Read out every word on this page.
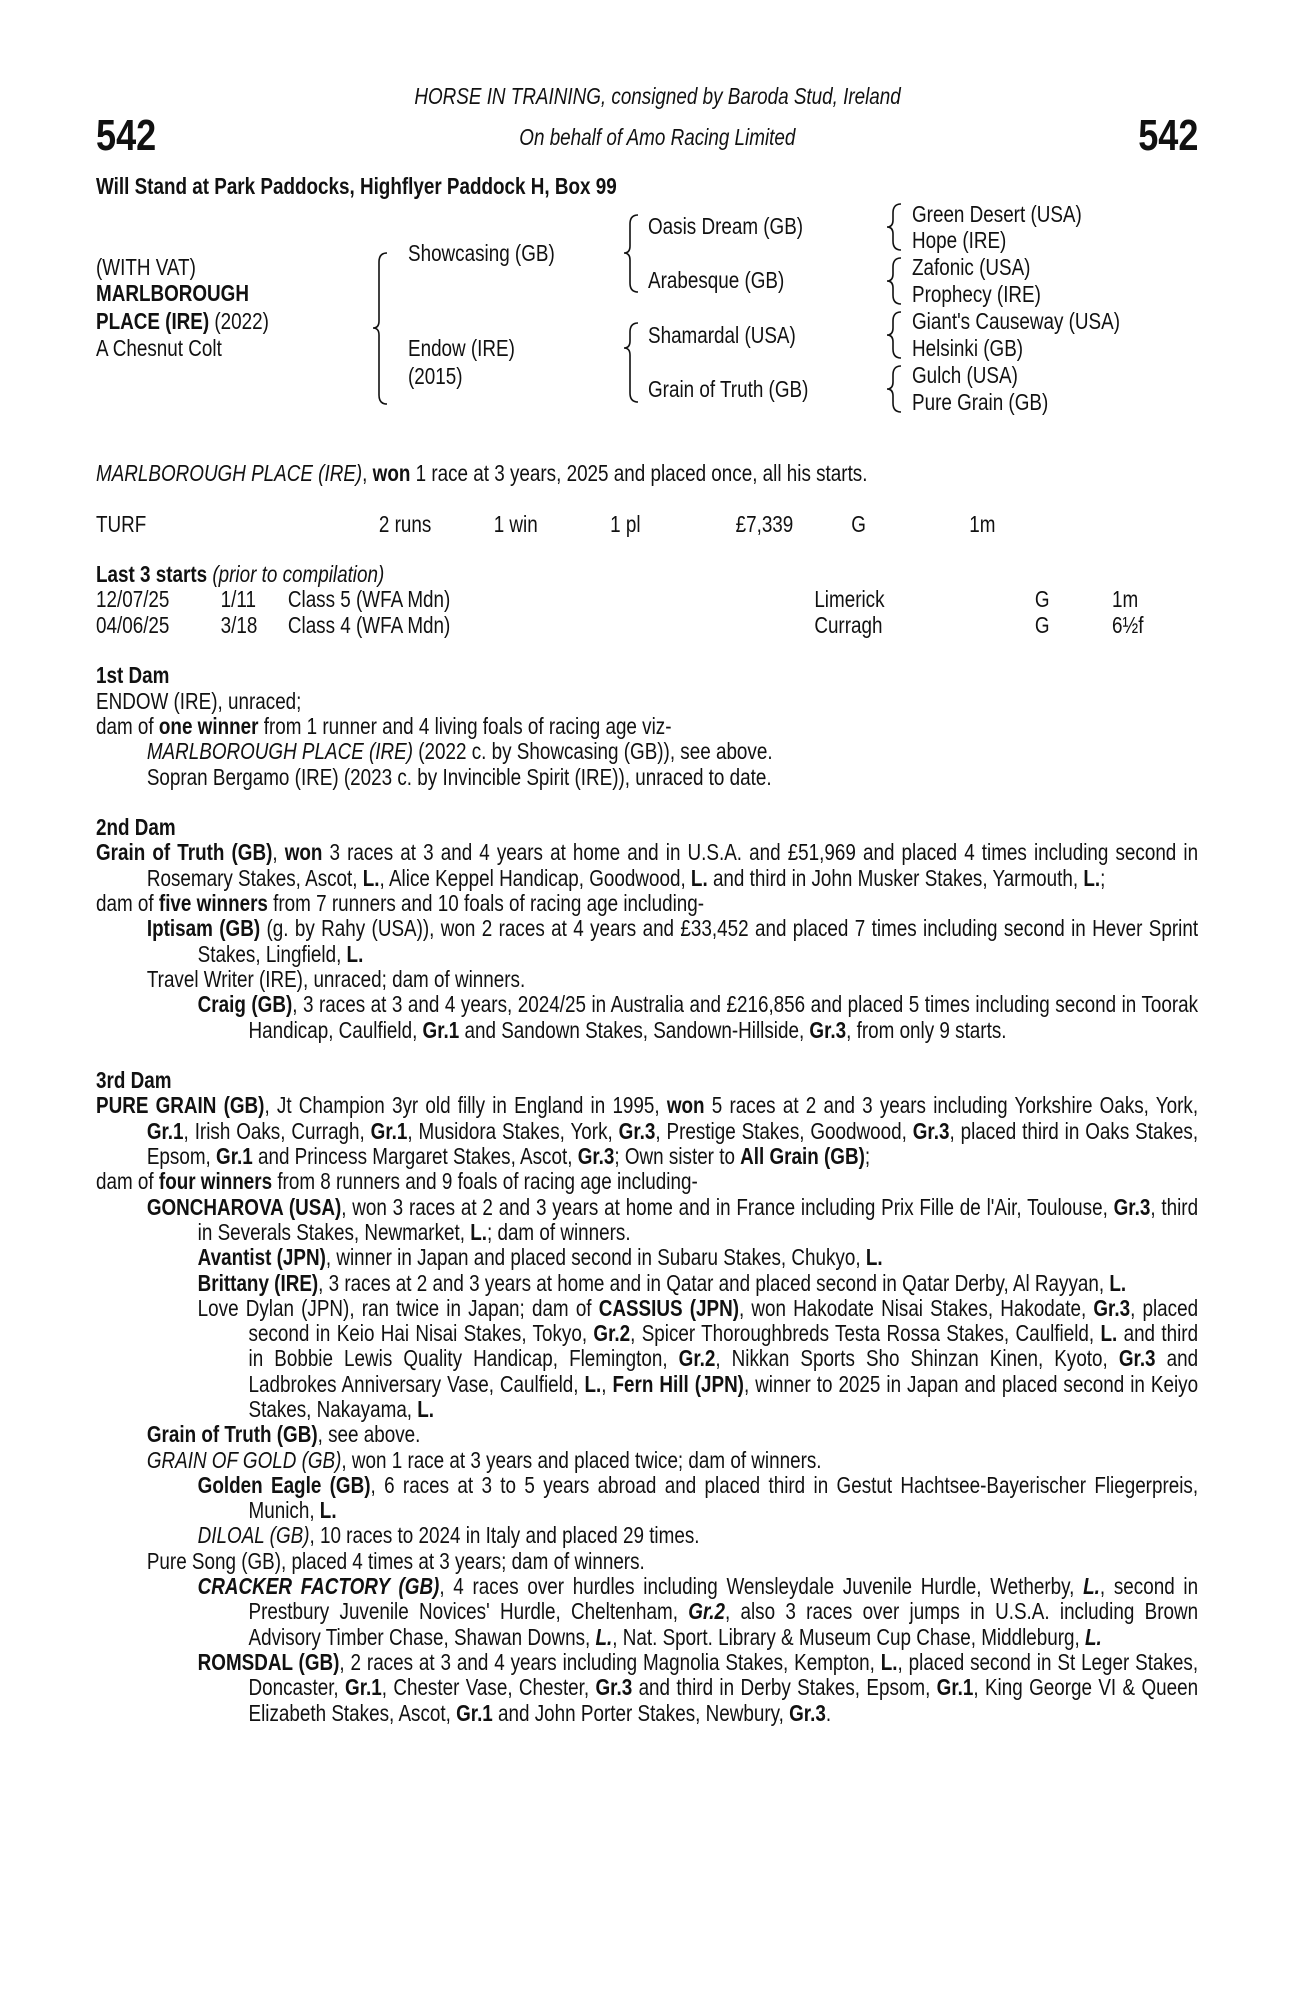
HORSE IN TRAINING, consigned by Baroda Stud, Ireland
On behalf of Amo Racing Limited
542	542
Will Stand at Park Paddocks, Highflyer Paddock H, Box 99
(WITH VAT)
MARLBOROUGH
PLACE (IRE) (2022)
A Chesnut Colt
Showcasing (GB)
Endow (IRE)
(2015)
Oasis Dream (GB)
Arabesque (GB)
Shamardal (USA)
Grain of Truth (GB)
Green Desert (USA)
Hope (IRE)
Zafonic (USA)
Prophecy (IRE)
Giant's Causeway (USA)
Helsinki (GB)
Gulch (USA)
Pure Grain (GB)
MARLBOROUGH PLACE (IRE), won 1 race at 3 years, 2025 and placed once, all his starts.
TURF	2 runs	1 win	1 pl	£7,339	G	1m
Last 3 starts (prior to compilation)
12/07/25 1/11 Class 5 (WFA Mdn)	Limerick	G	1m
04/06/25 3/18 Class 4 (WFA Mdn)	Curragh	G	6½f
1st Dam
ENDOW (IRE), unraced;
dam of one winner from 1 runner and 4 living foals of racing age viz-
MARLBOROUGH PLACE (IRE) (2022 c. by Showcasing (GB)), see above.
Sopran Bergamo (IRE) (2023 c. by Invincible Spirit (IRE)), unraced to date.
2nd Dam
Grain of Truth (GB), won 3 races at 3 and 4 years at home and in U.S.A. and £51,969 and placed 4 times including second in Rosemary Stakes, Ascot, L., Alice Keppel Handicap, Goodwood, L. and third in John Musker Stakes, Yarmouth, L.;
dam of five winners from 7 runners and 10 foals of racing age including-
Iptisam (GB) (g. by Rahy (USA)), won 2 races at 4 years and £33,452 and placed 7 times including second in Hever Sprint Stakes, Lingfield, L.
Travel Writer (IRE), unraced; dam of winners.
Craig (GB), 3 races at 3 and 4 years, 2024/25 in Australia and £216,856 and placed 5 times including second in Toorak Handicap, Caulfield, Gr.1 and Sandown Stakes, Sandown-Hillside, Gr.3, from only 9 starts.
3rd Dam
PURE GRAIN (GB), Jt Champion 3yr old filly in England in 1995, won 5 races at 2 and 3 years including Yorkshire Oaks, York, Gr.1, Irish Oaks, Curragh, Gr.1, Musidora Stakes, York, Gr.3, Prestige Stakes, Goodwood, Gr.3, placed third in Oaks Stakes, Epsom, Gr.1 and Princess Margaret Stakes, Ascot, Gr.3; Own sister to All Grain (GB);
dam of four winners from 8 runners and 9 foals of racing age including-
GONCHAROVA (USA), won 3 races at 2 and 3 years at home and in France including Prix Fille de l'Air, Toulouse, Gr.3, third in Severals Stakes, Newmarket, L.; dam of winners.
Avantist (JPN), winner in Japan and placed second in Subaru Stakes, Chukyo, L.
Brittany (IRE), 3 races at 2 and 3 years at home and in Qatar and placed second in Qatar Derby, Al Rayyan, L.
Love Dylan (JPN), ran twice in Japan; dam of CASSIUS (JPN), won Hakodate Nisai Stakes, Hakodate, Gr.3, placed second in Keio Hai Nisai Stakes, Tokyo, Gr.2, Spicer Thoroughbreds Testa Rossa Stakes, Caulfield, L. and third in Bobbie Lewis Quality Handicap, Flemington, Gr.2, Nikkan Sports Sho Shinzan Kinen, Kyoto, Gr.3 and Ladbrokes Anniversary Vase, Caulfield, L., Fern Hill (JPN), winner to 2025 in Japan and placed second in Keiyo Stakes, Nakayama, L.
Grain of Truth (GB), see above.
GRAIN OF GOLD (GB), won 1 race at 3 years and placed twice; dam of winners.
Golden Eagle (GB), 6 races at 3 to 5 years abroad and placed third in Gestut Hachtsee-Bayerischer Fliegerpreis, Munich, L.
DILOAL (GB), 10 races to 2024 in Italy and placed 29 times.
Pure Song (GB), placed 4 times at 3 years; dam of winners.
CRACKER FACTORY (GB), 4 races over hurdles including Wensleydale Juvenile Hurdle, Wetherby, L., second in Prestbury Juvenile Novices' Hurdle, Cheltenham, Gr.2, also 3 races over jumps in U.S.A. including Brown Advisory Timber Chase, Shawan Downs, L., Nat. Sport. Library & Museum Cup Chase, Middleburg, L.
ROMSDAL (GB), 2 races at 3 and 4 years including Magnolia Stakes, Kempton, L., placed second in St Leger Stakes, Doncaster, Gr.1, Chester Vase, Chester, Gr.3 and third in Derby Stakes, Epsom, Gr.1, King George VI & Queen Elizabeth Stakes, Ascot, Gr.1 and John Porter Stakes, Newbury, Gr.3.
